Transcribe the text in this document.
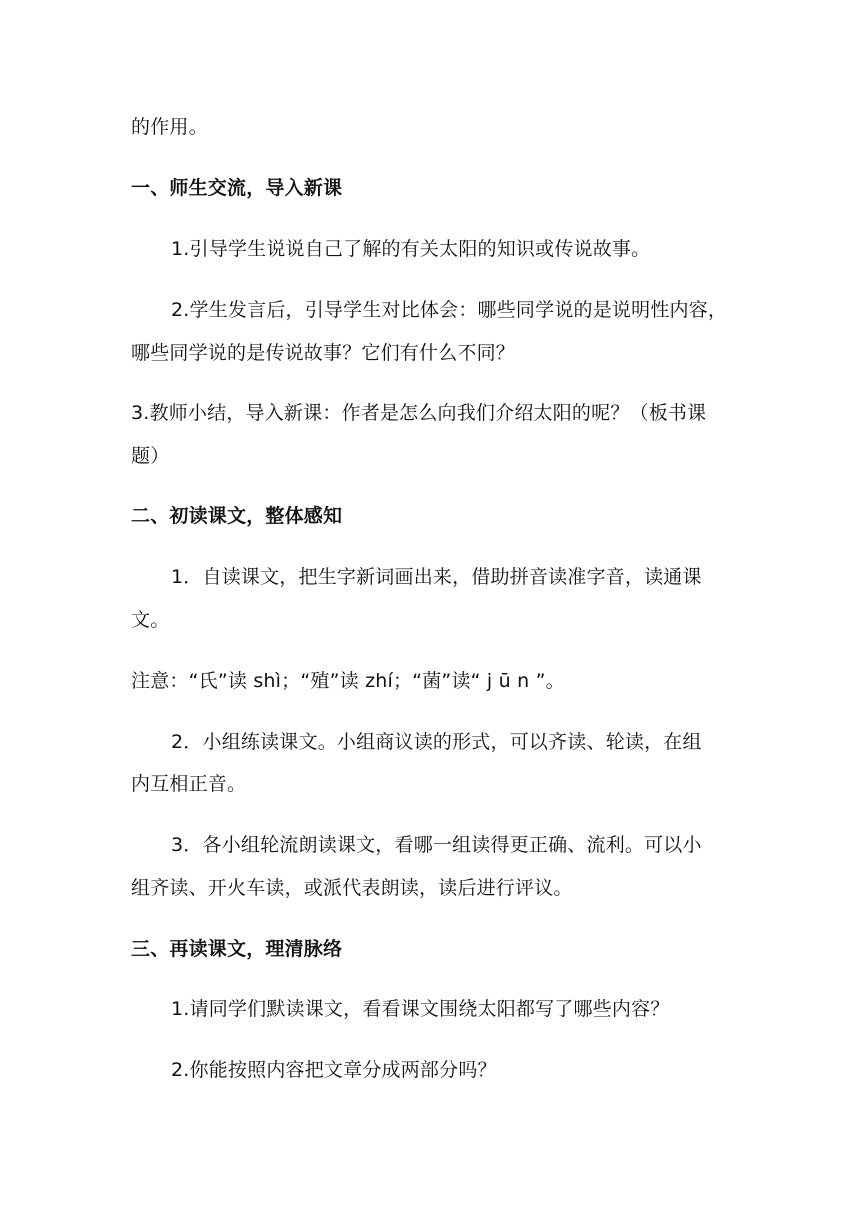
的作用。
一、师生交流，导入新课
1.引导学生说说自己了解的有关太阳的知识或传说故事。
2.学生发言后，引导学生对比体会：哪些同学说的是说明性内容，
哪些同学说的是传说故事？它们有什么不同？
3.教师小结，导入新课：作者是怎么向我们介绍太阳的呢？（板书课
题）
二、初读课文，整体感知
1．自读课文，把生字新词画出来，借助拼音读准字音，读通课
文。
注意：“氏”读 shì；“殖”读 zhí；“菌”读“ j ū n ”。
2．小组练读课文。小组商议读的形式，可以齐读、轮读，在组
内互相正音。
3．各小组轮流朗读课文，看哪一组读得更正确、流利。可以小
组齐读、开火车读，或派代表朗读，读后进行评议。
三、再读课文，理清脉络
1.请同学们默读课文，看看课文围绕太阳都写了哪些内容？
2.你能按照内容把文章分成两部分吗？
